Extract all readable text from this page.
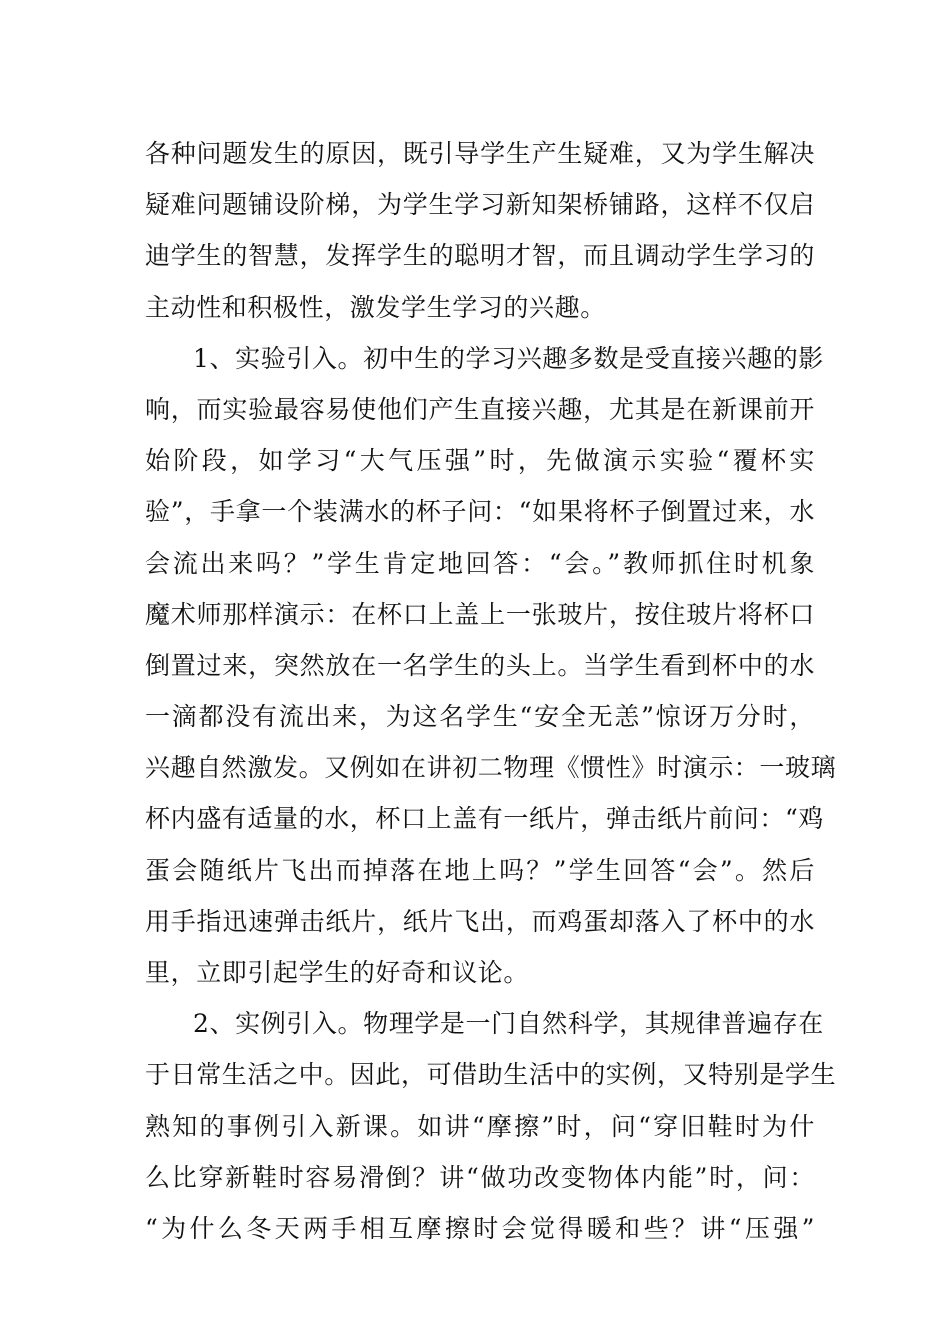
各种问题发生的原因，既引导学生产生疑难，又为学生解决
疑难问题铺设阶梯，为学生学习新知架桥铺路，这样不仅启
迪学生的智慧，发挥学生的聪明才智，而且调动学生学习的
主动性和积极性，激发学生学习的兴趣。
1、实验引入。初中生的学习兴趣多数是受直接兴趣的影
响，而实验最容易使他们产生直接兴趣，尤其是在新课前开
始阶段，如学习“大气压强”时，先做演示实验“覆杯实
验”，手拿一个装满水的杯子问：“如果将杯子倒置过来，水
会流出来吗？”学生肯定地回答：“会。”教师抓住时机象
魔术师那样演示：在杯口上盖上一张玻片，按住玻片将杯口
倒置过来，突然放在一名学生的头上。当学生看到杯中的水
一滴都没有流出来，为这名学生“安全无恙”惊讶万分时，
兴趣自然激发。又例如在讲初二物理《惯性》时演示：一玻璃
杯内盛有适量的水，杯口上盖有一纸片，弹击纸片前问：“鸡
蛋会随纸片飞出而掉落在地上吗？”学生回答“会”。然后
用手指迅速弹击纸片，纸片飞出，而鸡蛋却落入了杯中的水
里，立即引起学生的好奇和议论。
2、实例引入。物理学是一门自然科学，其规律普遍存在
于日常生活之中。因此，可借助生活中的实例，又特别是学生
熟知的事例引入新课。如讲“摩擦”时，问“穿旧鞋时为什
么比穿新鞋时容易滑倒？讲“做功改变物体内能”时，问：
“为什么冬天两手相互摩擦时会觉得暖和些？讲“压强”
